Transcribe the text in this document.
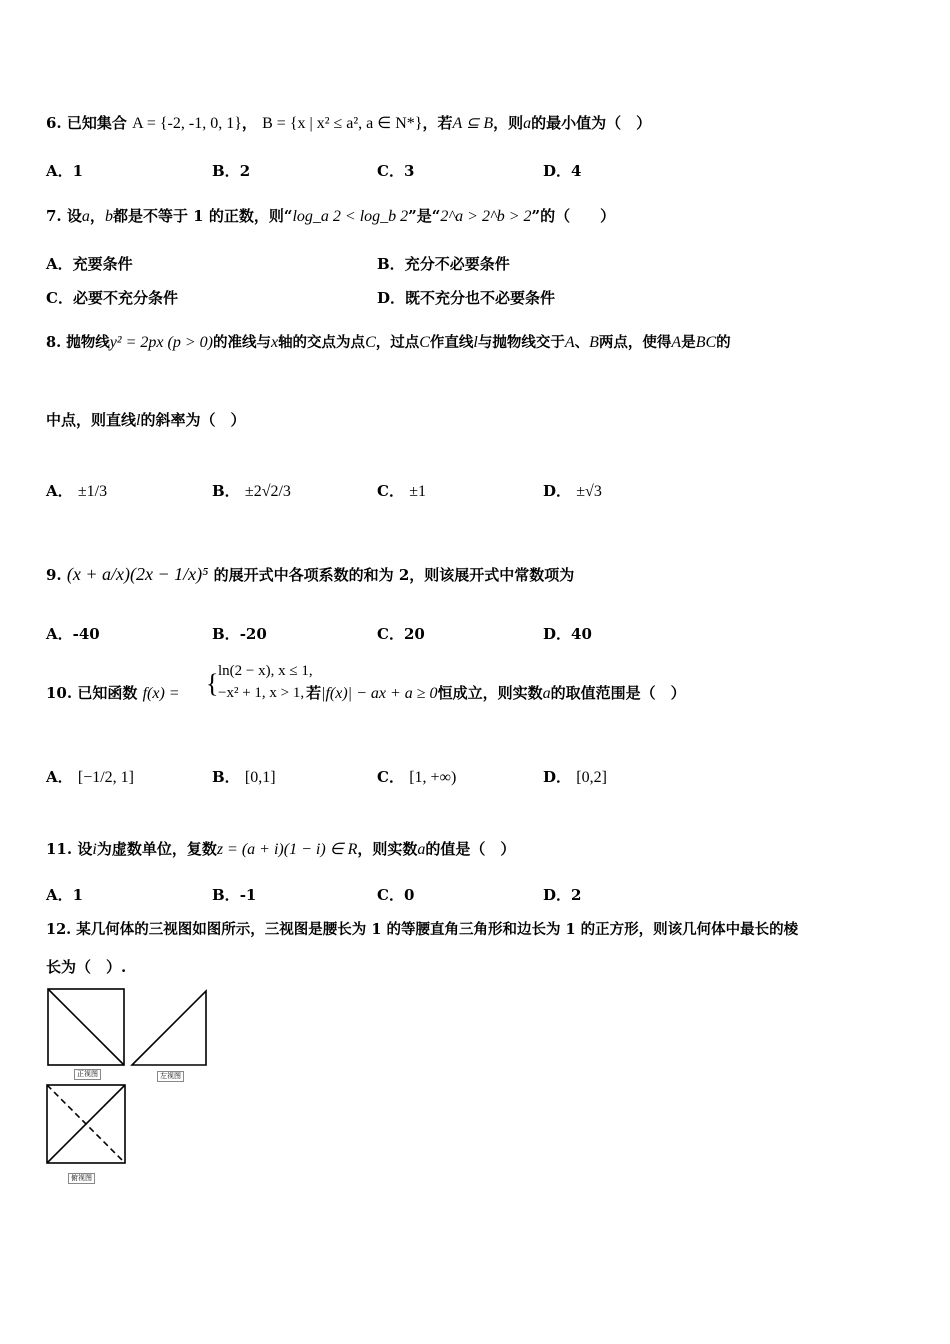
6. 已知集合 A = {-2, -1, 0, 1}， B = {x | x² ≤ a², a ∈ N*}，若A ⊆ B，则a的最小值为（　）
A．1	B．2	C．3	D．4
7. 设a，b都是不等于 1 的正数，则“log_a 2 < log_b 2”是“2^a > 2^b > 2”的（　　）
A．充要条件	B．充分不必要条件
C．必要不充分条件	D．既不充分也不必要条件
8. 抛物线y² = 2px (p > 0)的准线与x轴的交点为点C，过点C作直线l与抛物线交于A、B两点，使得A是BC的
中点，则直线l的斜率为（　）
A． ±1/3	B． ±2√2/3	C． ±1	D． ±√3
9. (x + a/x)(2x − 1/x)⁵ 的展开式中各项系数的和为 2，则该展开式中常数项为
A．-40	B．-20	C．20	D．40
10. 已知函数 f(x) =	若|f(x)| − ax + a ≥ 0恒成立，则实数a的取值范围是（　）
{ ln(2 − x), x ≤ 1,
−x² + 1, x > 1,
A． [−1/2, 1]	B． [0,1]	C． [1, +∞)	D． [0,2]
11. 设i为虚数单位，复数z = (a + i)(1 − i) ∈ R，则实数a的值是（　）
A．1	B．-1	C．0	D．2
12. 某几何体的三视图如图所示，三视图是腰长为 1 的等腰直角三角形和边长为 1 的正方形，则该几何体中最长的棱
长为（　）.
正视图	左视图
俯视图
